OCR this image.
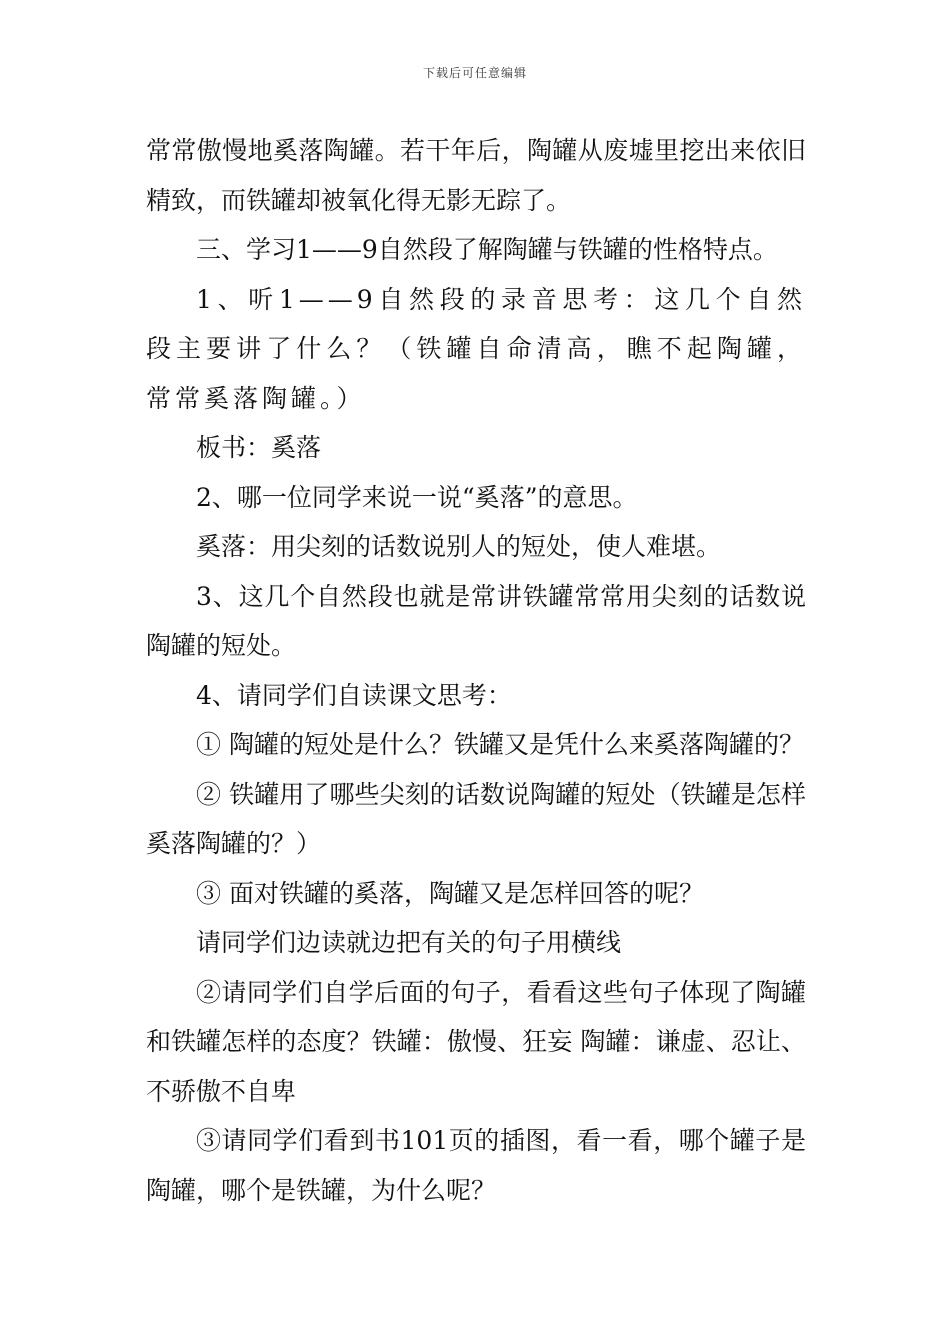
下载后可任意编辑

常常傲慢地奚落陶罐。若干年后，陶罐从废墟里挖出来依旧精致，而铁罐却被氧化得无影无踪了。

三、学习1——9自然段了解陶罐与铁罐的性格特点。

1、听1——9自然段的录音思考：这几个自然段主要讲了什么？（铁罐自命清高，瞧不起陶罐，常常奚落陶罐。）

板书：奚落

2、哪一位同学来说一说“奚落”的意思。

奚落：用尖刻的话数说别人的短处，使人难堪。

3、这几个自然段也就是常讲铁罐常常用尖刻的话数说陶罐的短处。

4、请同学们自读课文思考：

① 陶罐的短处是什么？铁罐又是凭什么来奚落陶罐的？

② 铁罐用了哪些尖刻的话数说陶罐的短处（铁罐是怎样奚落陶罐的？）

③ 面对铁罐的奚落，陶罐又是怎样回答的呢？

请同学们边读就边把有关的句子用横线

②请同学们自学后面的句子，看看这些句子体现了陶罐和铁罐怎样的态度？铁罐：傲慢、狂妄 陶罐：谦虚、忍让、不骄傲不自卑

③请同学们看到书101页的插图，看一看，哪个罐子是陶罐，哪个是铁罐，为什么呢？
